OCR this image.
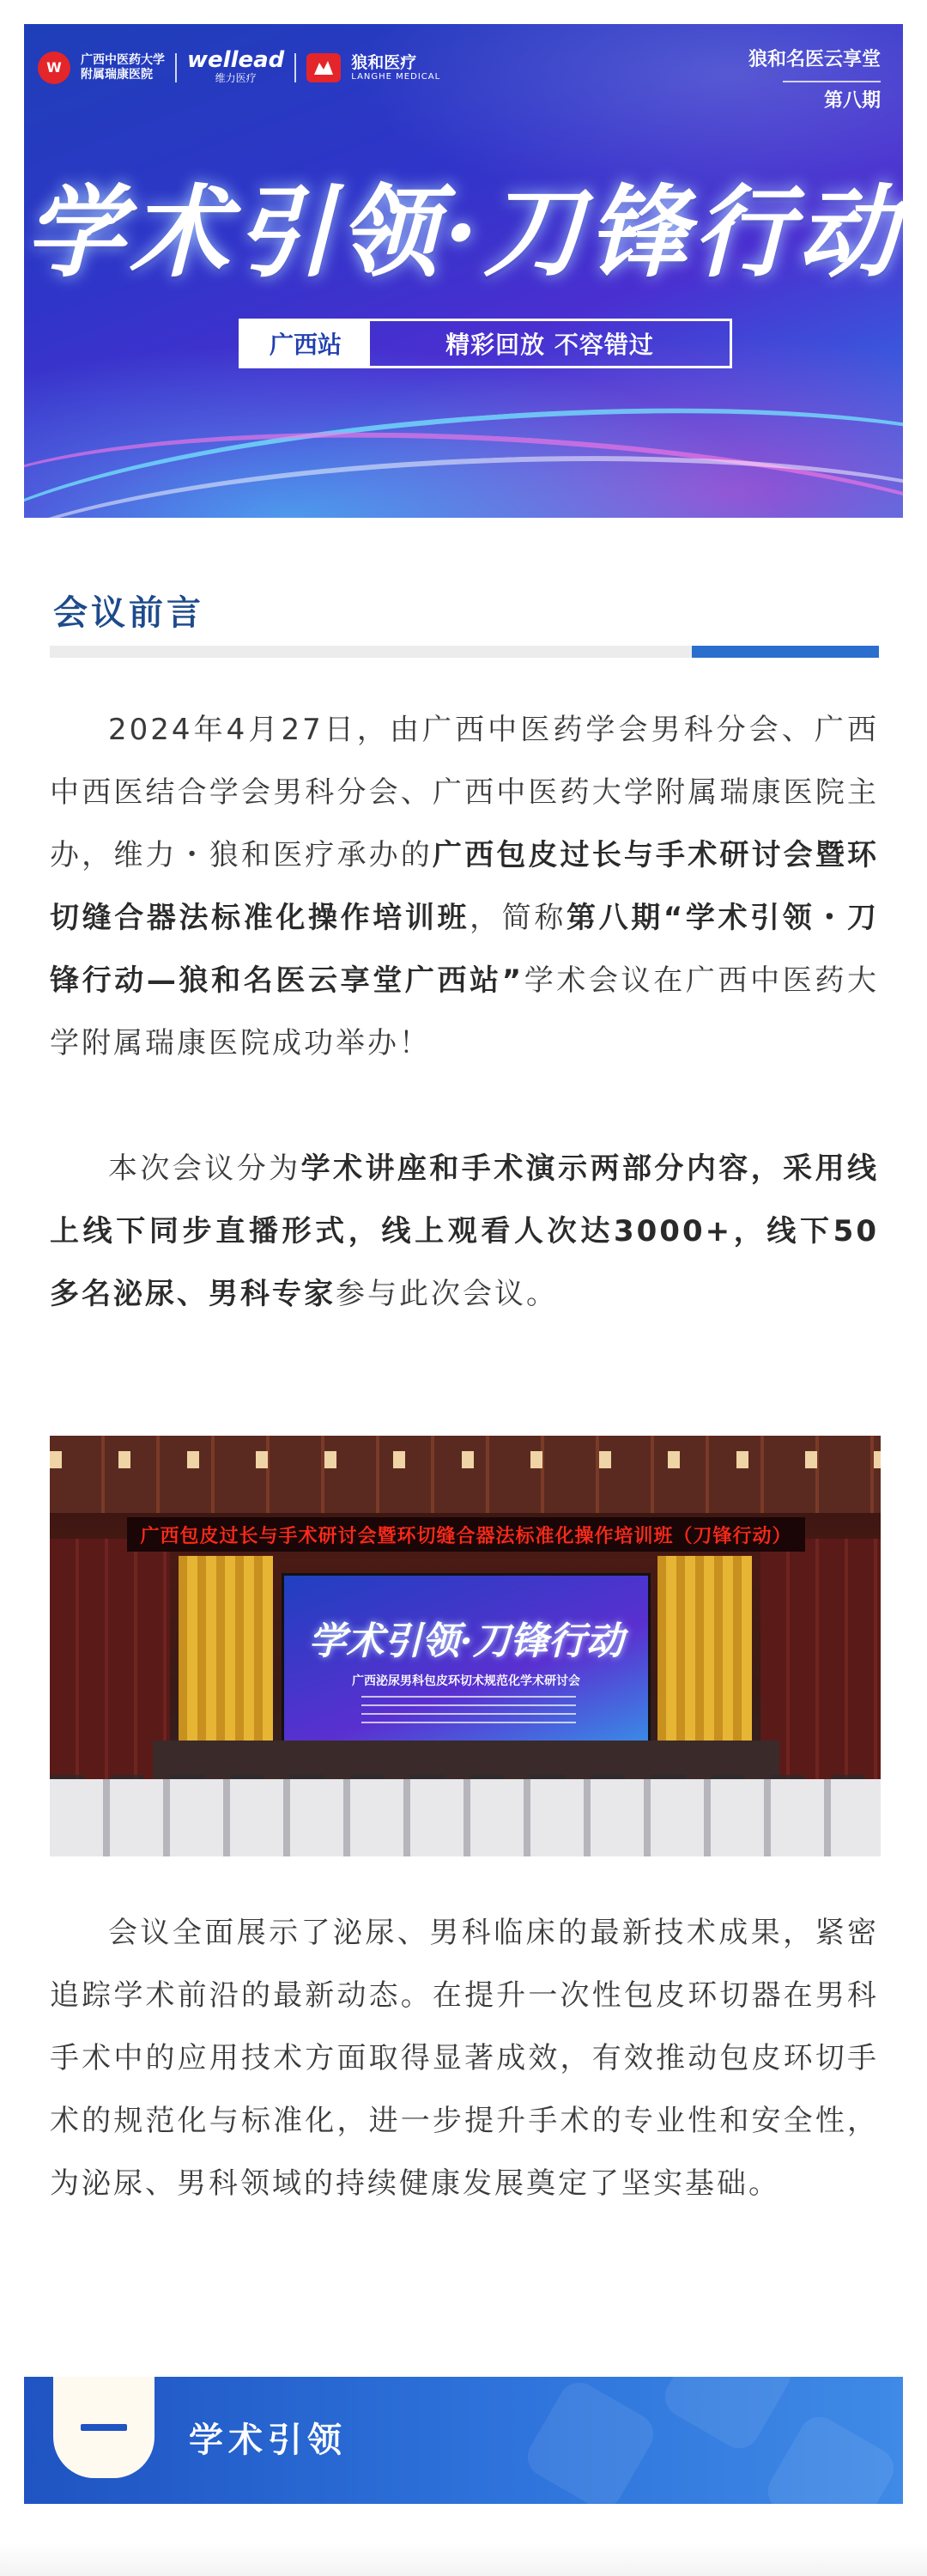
W	广西中医药大学
附属瑞康医院
wellead
维力医疗
狼和医疗
LANGHE MEDICAL
狼和名医云享堂
第八期
学术引领·刀锋行动
广西站	精彩回放 不容错过
会议前言

2024年4月27日，由广西中医药学会男科分会、广西中西医结合学会男科分会、广西中医药大学附属瑞康医院主办，维力・狼和医疗承办的广西包皮过长与手术研讨会暨环切缝合器法标准化操作培训班，简称第八期“学术引领・刀锋行动—狼和名医云享堂广西站”学术会议在广西中医药大学附属瑞康医院成功举办！

本次会议分为学术讲座和手术演示两部分内容，采用线上线下同步直播形式，线上观看人次达3000+，线下50多名泌尿、男科专家参与此次会议。

广西包皮过长与手术研讨会暨环切缝合器法标准化操作培训班（刀锋行动）
学术引领·刀锋行动
广西泌尿男科包皮环切术规范化学术研讨会

会议全面展示了泌尿、男科临床的最新技术成果，紧密追踪学术前沿的最新动态。在提升一次性包皮环切器在男科手术中的应用技术方面取得显著成效，有效推动包皮环切手术的规范化与标准化，进一步提升手术的专业性和安全性，为泌尿、男科领域的持续健康发展奠定了坚实基础。

学术引领
